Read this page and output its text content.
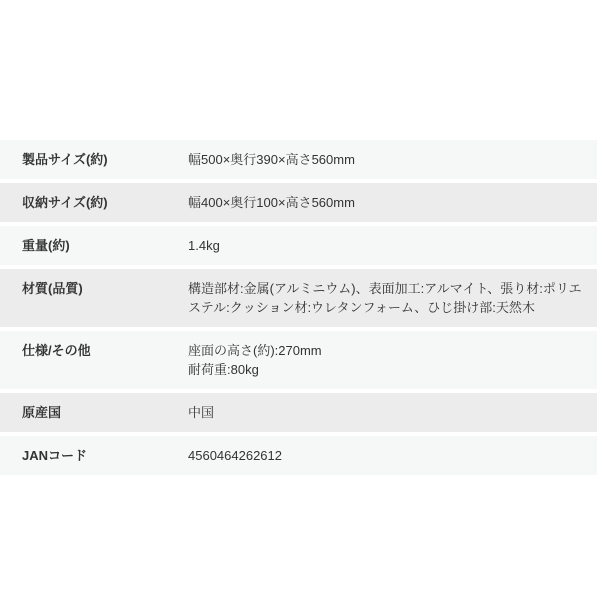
製品サイズ(約)	幅500×奥行390×高さ560mm
収納サイズ(約)	幅400×奥行100×高さ560mm
重量(約)	1.4kg
材質(品質)	構造部材:金属(アルミニウム)、表面加工:アルマイト、張り材:ポリエステル:クッション材:ウレタンフォーム、ひじ掛け部:天然木
仕様/その他	座面の高さ(約):270mm
耐荷重:80kg
原産国	中国
JANコード	4560464262612
